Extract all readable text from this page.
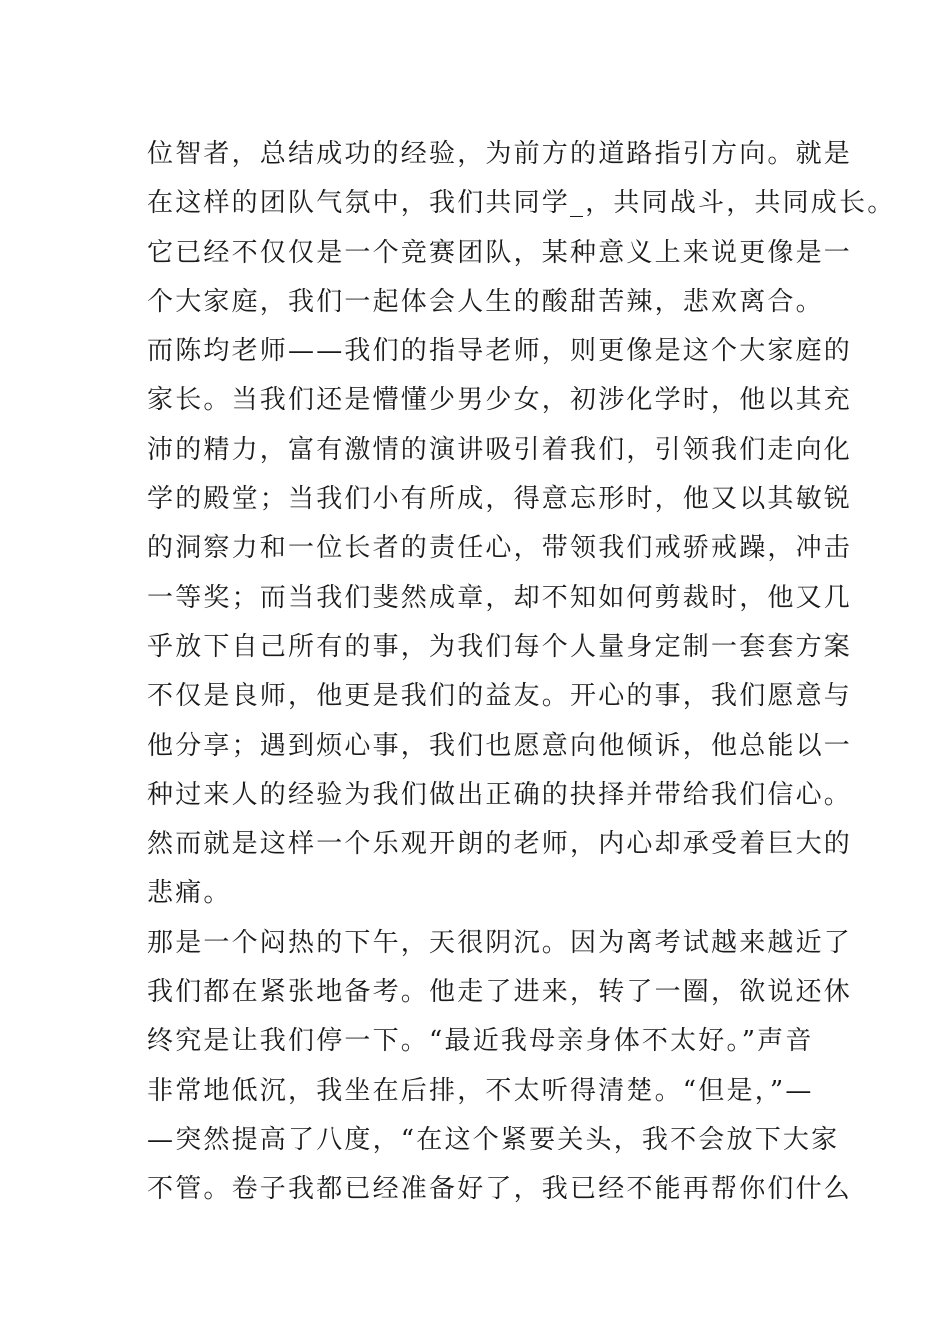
位智者，总结成功的经验，为前方的道路指引方向。就是
在这样的团队气氛中，我们共同学_，共同战斗，共同成长。
它已经不仅仅是一个竞赛团队，某种意义上来说更像是一
个大家庭，我们一起体会人生的酸甜苦辣，悲欢离合。
而陈均老师——我们的指导老师，则更像是这个大家庭的
家长。当我们还是懵懂少男少女，初涉化学时，他以其充
沛的精力，富有激情的演讲吸引着我们，引领我们走向化
学的殿堂；当我们小有所成，得意忘形时，他又以其敏锐
的洞察力和一位长者的责任心，带领我们戒骄戒躁，冲击
一等奖；而当我们斐然成章，却不知如何剪裁时，他又几
乎放下自己所有的事，为我们每个人量身定制一套套方案
不仅是良师，他更是我们的益友。开心的事，我们愿意与
他分享；遇到烦心事，我们也愿意向他倾诉，他总能以一
种过来人的经验为我们做出正确的抉择并带给我们信心。
然而就是这样一个乐观开朗的老师，内心却承受着巨大的
悲痛。
那是一个闷热的下午，天很阴沉。因为离考试越来越近了
我们都在紧张地备考。他走了进来，转了一圈，欲说还休
终究是让我们停一下。“最近我母亲身体不太好。”声音
非常地低沉，我坐在后排，不太听得清楚。“但是，”—
—突然提高了八度，“在这个紧要关头，我不会放下大家
不管。卷子我都已经准备好了，我已经不能再帮你们什么
